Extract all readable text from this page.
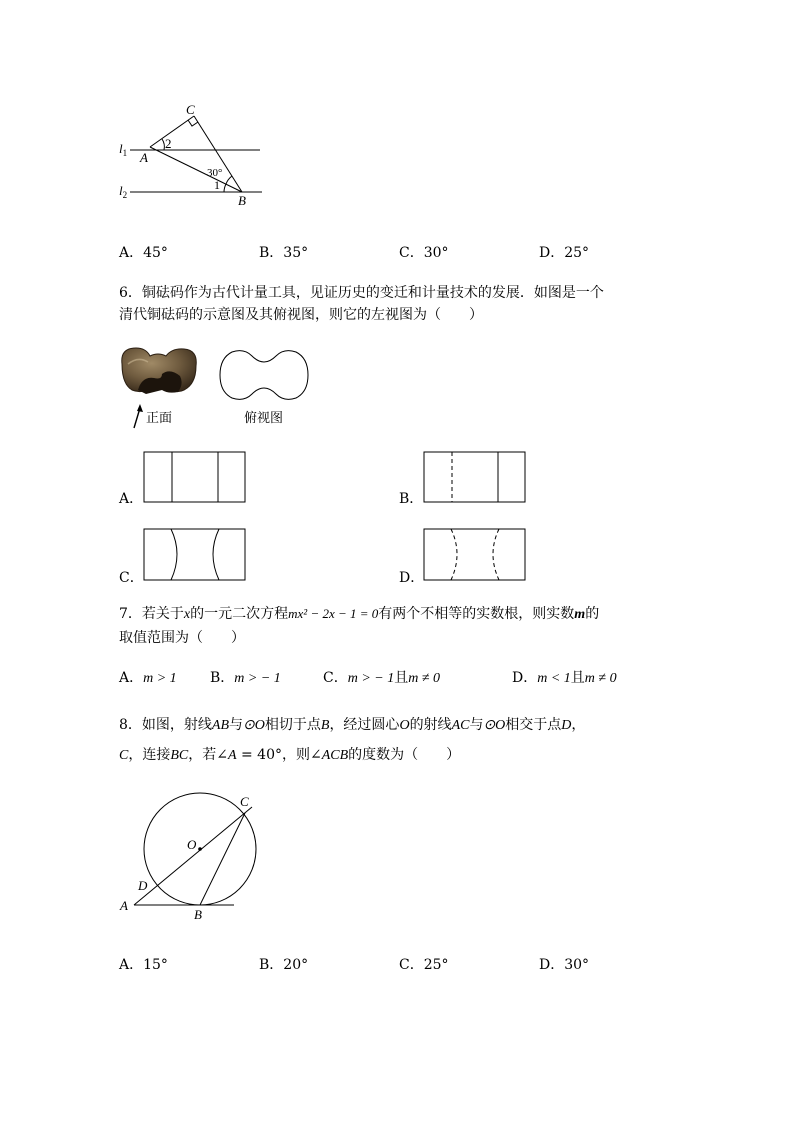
$l_1$
$l_2$
A
B
C
2
1
30°
A．45°	B．35°	C．30°	D．25°
6．铜砝码作为古代计量工具，见证历史的变迁和计量技术的发展．如图是一个
清代铜砝码的示意图及其俯视图，则它的左视图为（　　）
正面	俯视图
A．	B．
C．	D．
7．若关于x的一元二次方程mx² − 2x − 1 = 0有两个不相等的实数根，则实数m的
取值范围为（　　）
A．m > 1 B．m > − 1	C．m > − 1且m ≠ 0	D．m < 1且m ≠ 0
8．如图，射线AB与⊙O相切于点B，经过圆心O的射线AC与⊙O相交于点D，
C，连接BC，若∠A = 40°，则∠ACB的度数为（　　）
A
B
C
D
O
A．15°	B．20°	C．25°	D．30°
